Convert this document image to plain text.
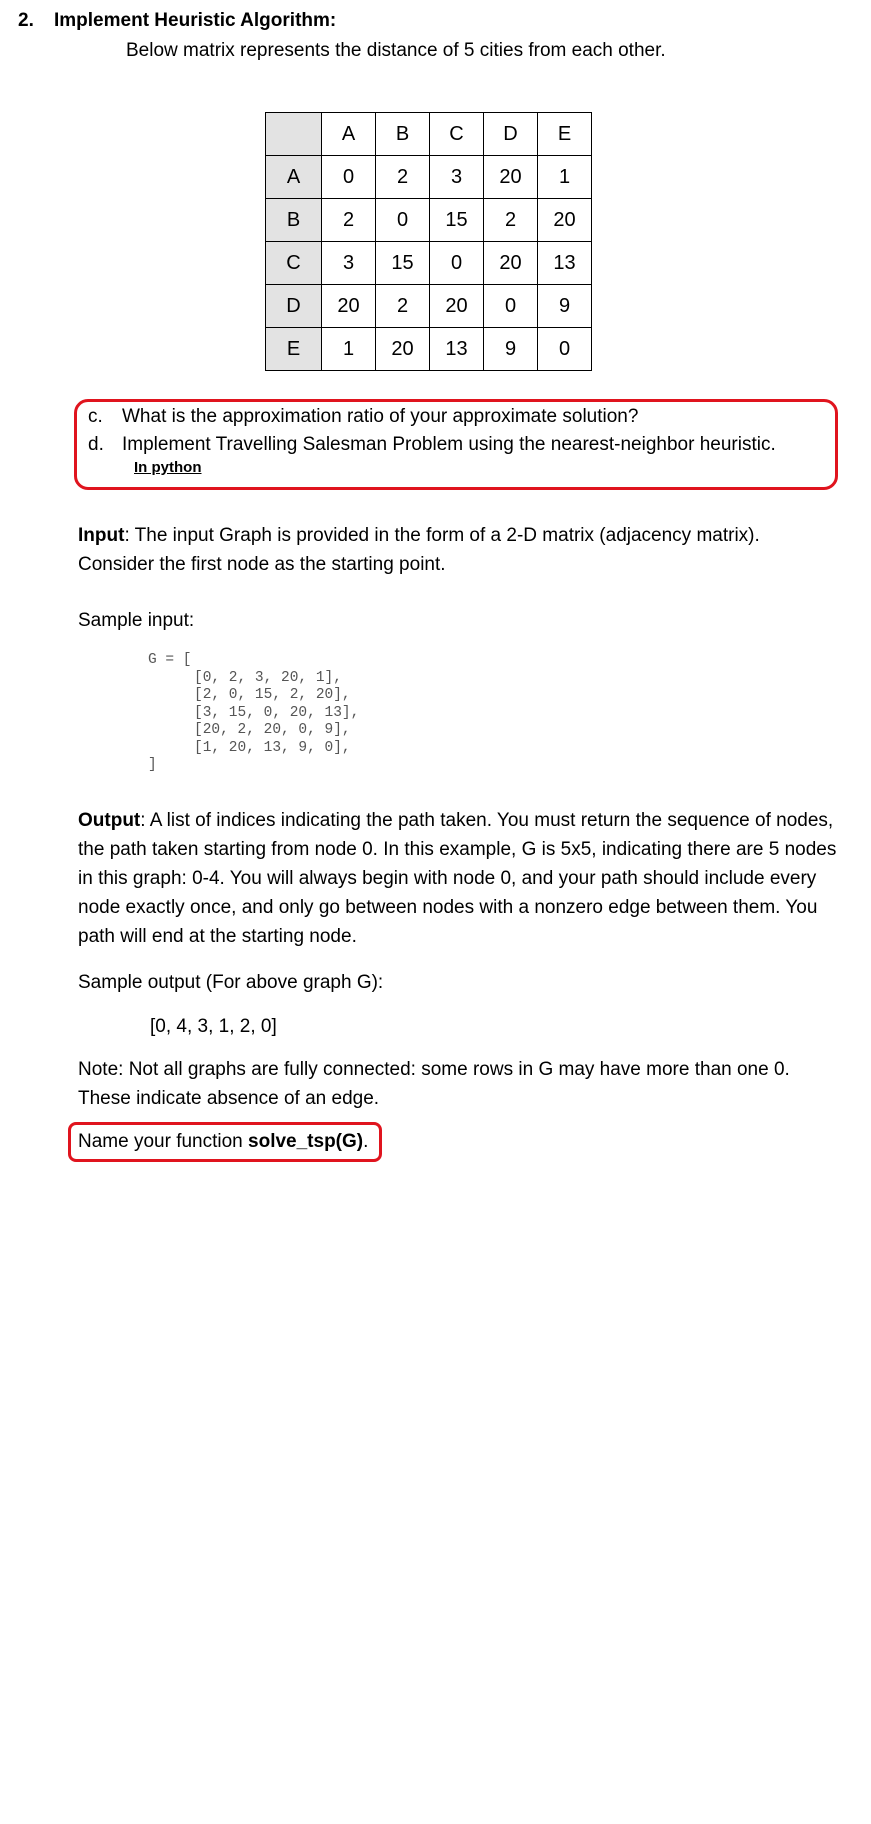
2. Implement Heuristic Algorithm:
Below matrix represents the distance of 5 cities from each other.
	A	B	C	D	E
A	0	2	3	20	1
B	2	0	15	2	20
C	3	15	0	20	13
D	20	2	20	0	9
E	1	20	13	9	0
c. What is the approximation ratio of your approximate solution?
d. Implement Travelling Salesman Problem using the nearest-neighbor heuristic.
In python
Input: The input Graph is provided in the form of a 2-D matrix (adjacency matrix). Consider the first node as the starting point.
Sample input:
G = [
[0, 2, 3, 20, 1],
[2, 0, 15, 2, 20],
[3, 15, 0, 20, 13],
[20, 2, 20, 0, 9],
[1, 20, 13, 9, 0],
]
Output: A list of indices indicating the path taken. You must return the sequence of nodes, the path taken starting from node 0. In this example, G is 5x5, indicating there are 5 nodes in this graph: 0-4. You will always begin with node 0, and your path should include every node exactly once, and only go between nodes with a nonzero edge between them. You path will end at the starting node.
Sample output (For above graph G):
[0, 4, 3, 1, 2, 0]
Note: Not all graphs are fully connected: some rows in G may have more than one 0. These indicate absence of an edge.
Name your function solve_tsp(G).
